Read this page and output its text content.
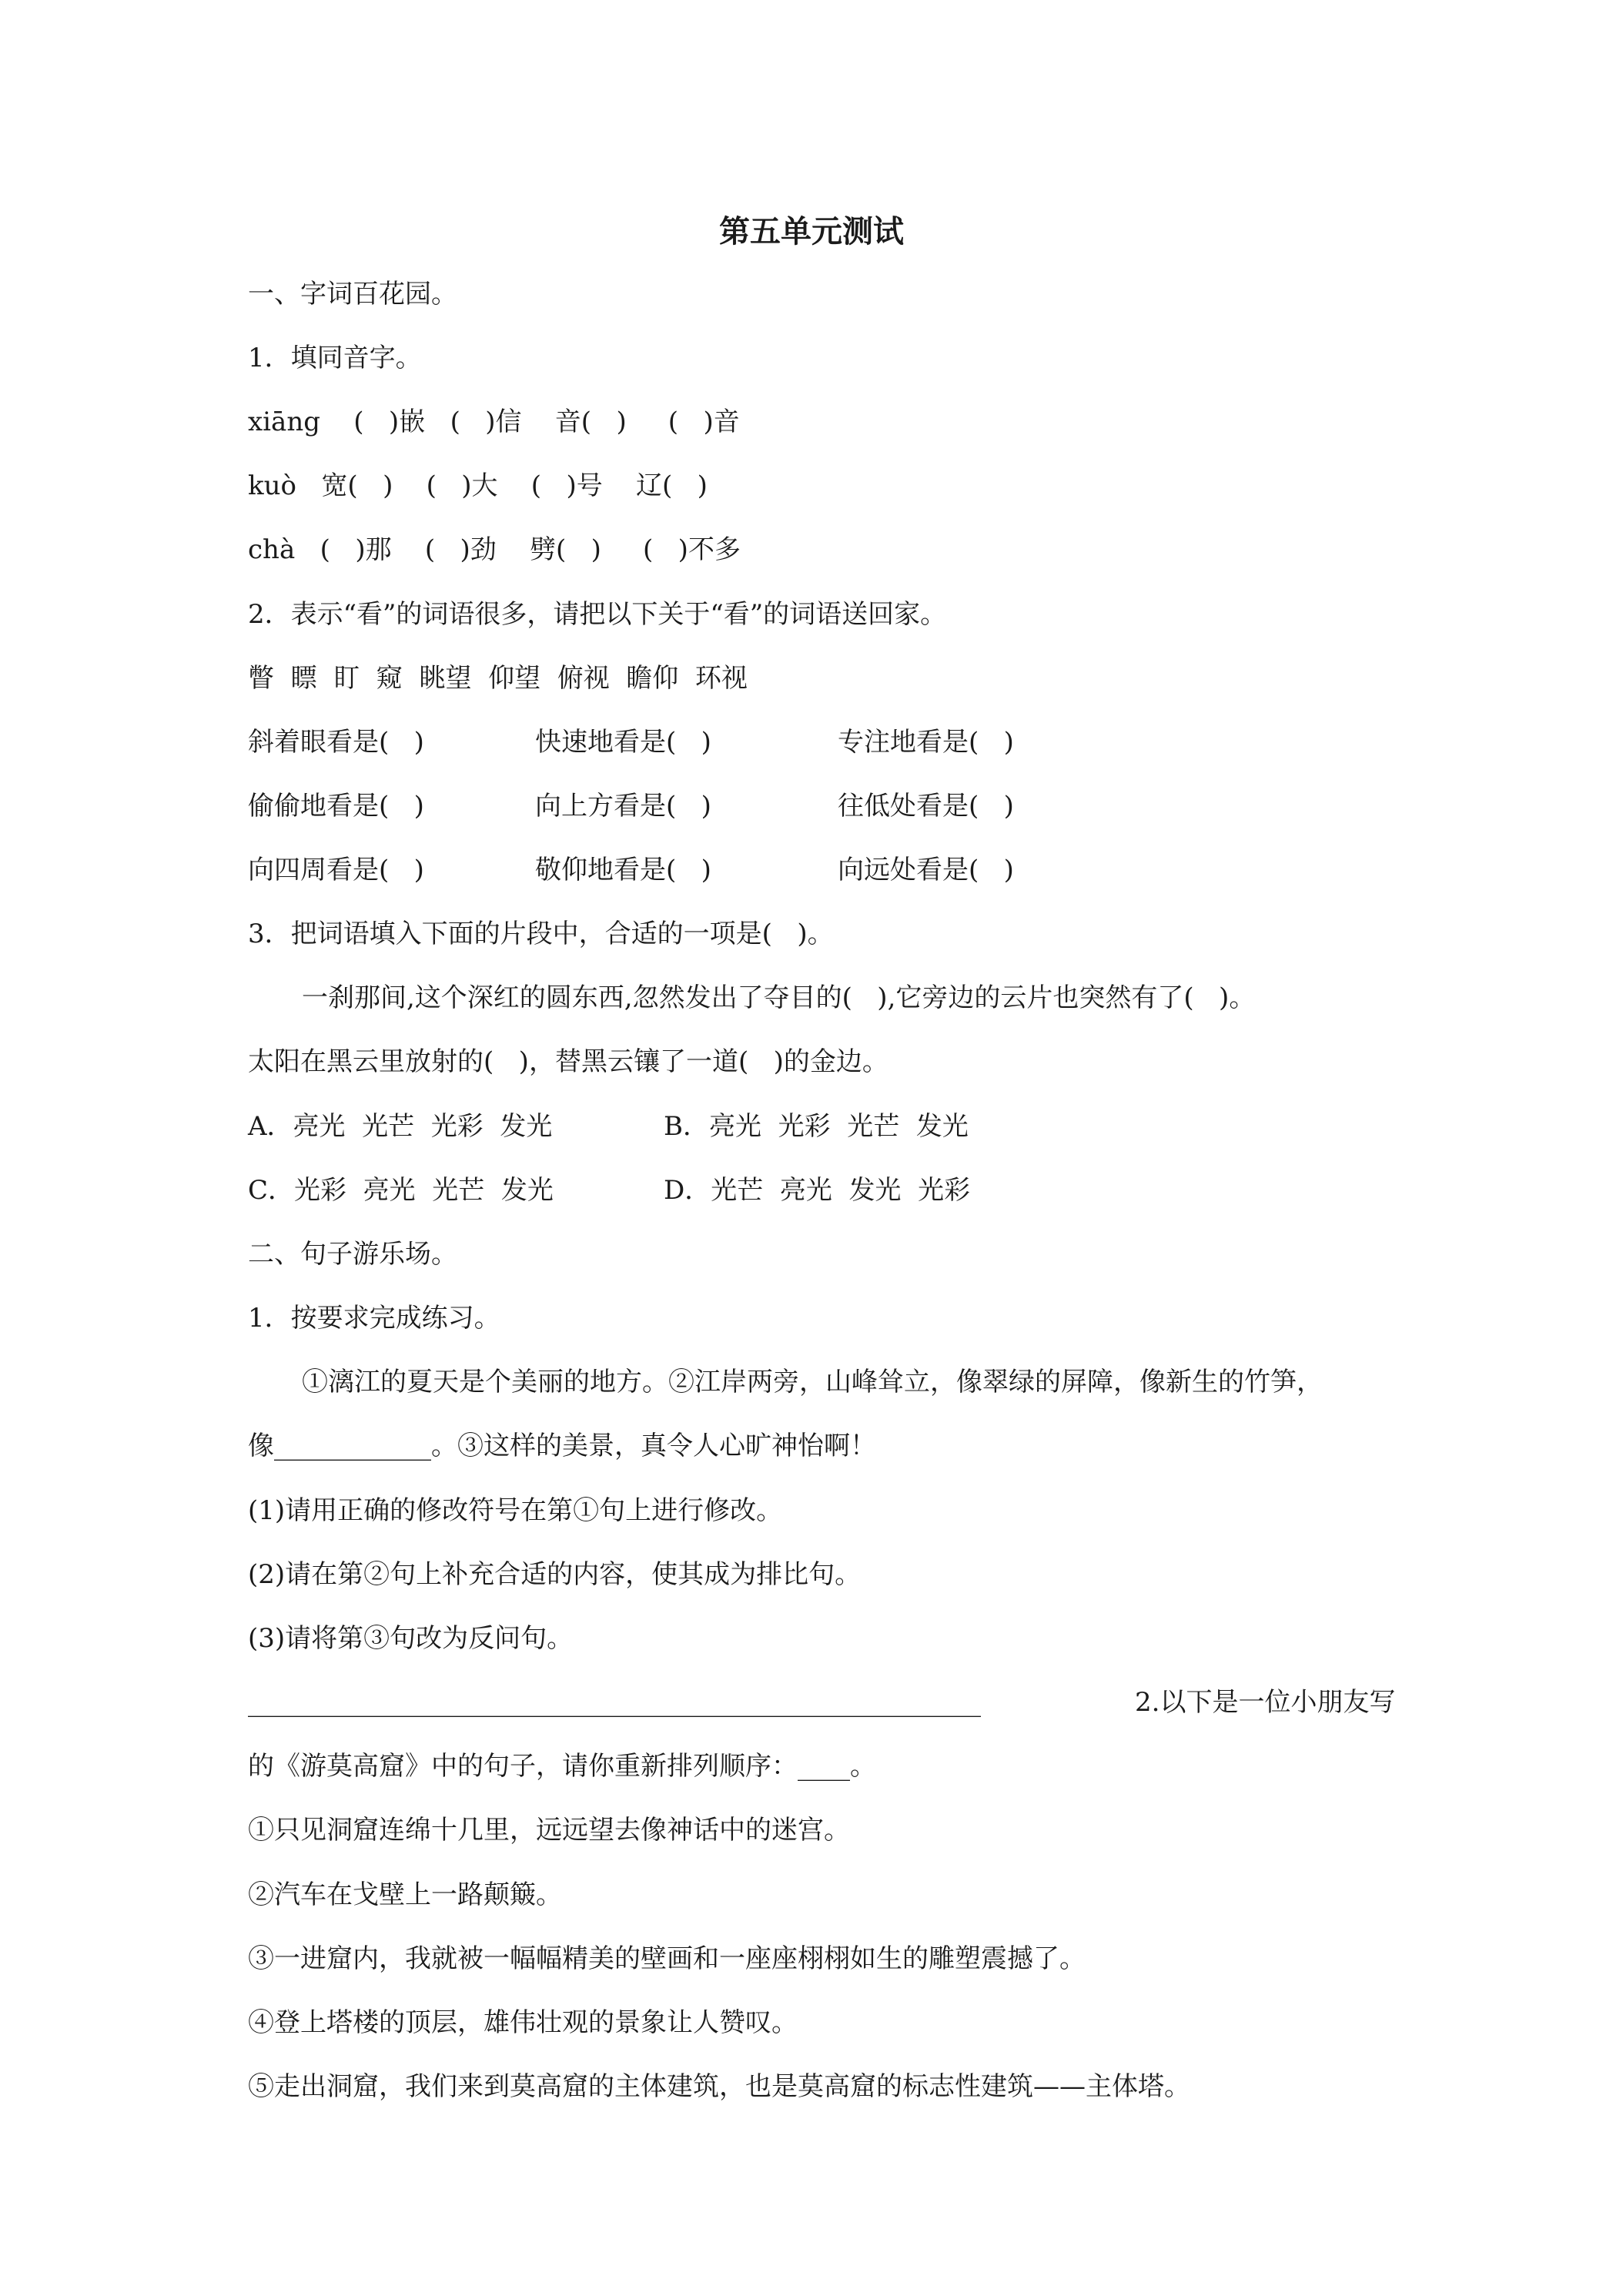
第五单元测试
一、字词百花园。
1．填同音字。
xiāng    (   )嵌   (   )信    音(   )     (   )音
kuò   宽(   )    (   )大    (   )号    辽(   )
chà   (   )那    (   )劲    劈(   )     (   )不多
2．表示“看”的词语很多，请把以下关于“看”的词语送回家。
瞥  瞟  盯  窥  眺望  仰望  俯视  瞻仰  环视
斜着眼看是(   )	快速地看是(   )	专注地看是(   )
偷偷地看是(   )	向上方看是(   )	往低处看是(   )
向四周看是(   )	敬仰地看是(   )	向远处看是(   )
3．把词语填入下面的片段中，合适的一项是(   )。
一刹那间,这个深红的圆东西,忽然发出了夺目的(   ),它旁边的云片也突然有了(   )。
太阳在黑云里放射的(   )，替黑云镶了一道(   )的金边。
A．亮光  光芒  光彩  发光	B．亮光  光彩  光芒  发光
C．光彩  亮光  光芒  发光	D．光芒  亮光  发光  光彩
二、句子游乐场。
1．按要求完成练习。
①漓江的夏天是个美丽的地方。②江岸两旁，山峰耸立，像翠绿的屏障，像新生的竹笋，
像____________。③这样的美景，真令人心旷神怡啊！
(1)请用正确的修改符号在第①句上进行修改。
(2)请在第②句上补充合适的内容，使其成为排比句。
(3)请将第③句改为反问句。
________________________________________________________	2.以下是一位小朋友写
的《游莫高窟》中的句子，请你重新排列顺序：____。
①只见洞窟连绵十几里，远远望去像神话中的迷宫。
②汽车在戈壁上一路颠簸。
③一进窟内，我就被一幅幅精美的壁画和一座座栩栩如生的雕塑震撼了。
④登上塔楼的顶层，雄伟壮观的景象让人赞叹。
⑤走出洞窟，我们来到莫高窟的主体建筑，也是莫高窟的标志性建筑——主体塔。
